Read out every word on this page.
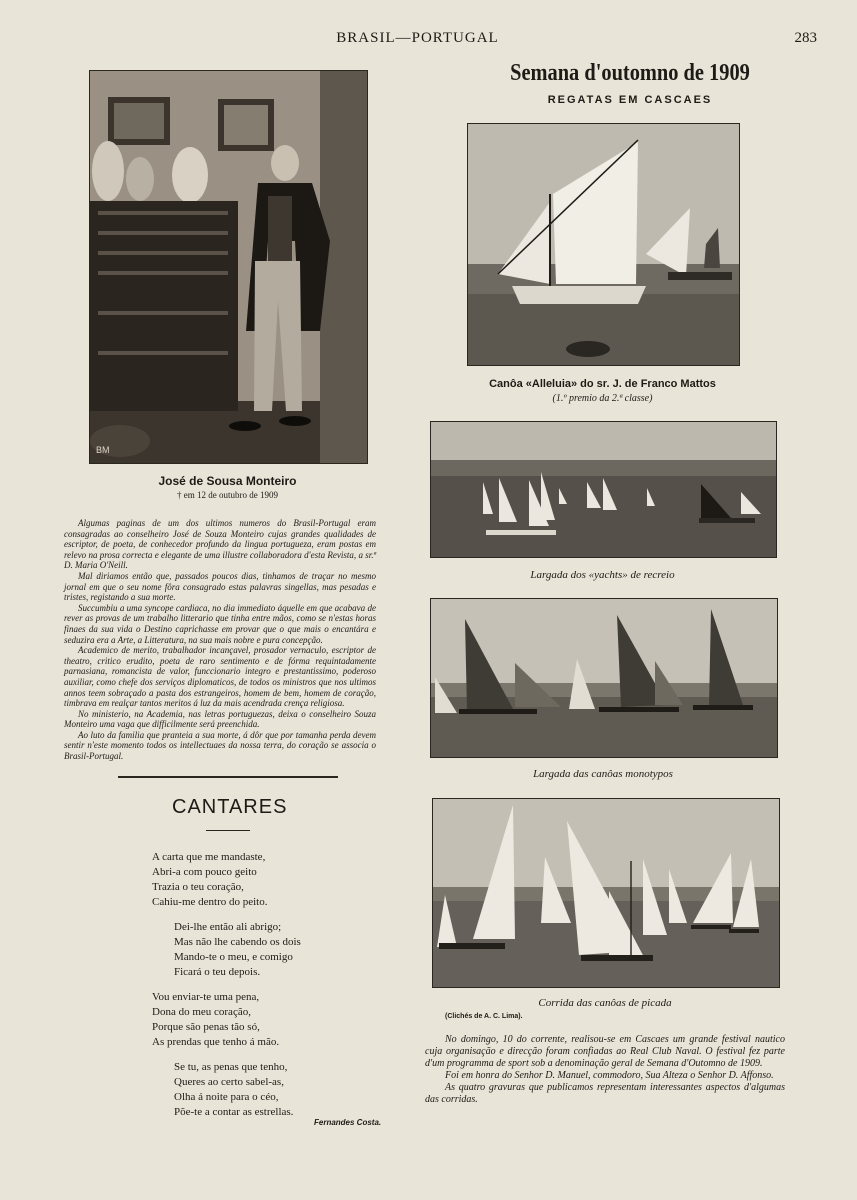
BRASIL—PORTUGAL	283
BM
José de Sousa Monteiro
† em 12 de outubro de 1909

Algumas paginas de um dos ultimos numeros do Brasil-Portugal eram consagradas ao conselheiro José de Souza Monteiro cujas grandes qualidades de escriptor, de poeta, de conhecedor profundo da lingua portugueza, eram postas em relevo na prosa correcta e elegante de uma illustre collaboradora d'esta Revista, a sr.ª D. Maria O'Neill.

Mal diriamos então que, passados poucos dias, tinhamos de traçar no mesmo jornal em que o seu nome fôra consagrado estas palavras singellas, mas pesadas e tristes, registando a sua morte.

Succumbiu a uma syncope cardiaca, no dia immediato áquelle em que acabava de rever as provas de um trabalho litterario que tinha entre mãos, como se n'estas horas finaes da sua vida o Destino caprichasse em provar que o que mais o encantára e seduzira era a Arte, a Litteratura, na sua mais nobre e pura concepção.

Academico de merito, trabalhador incançavel, prosador vernaculo, escriptor de theatro, critico erudito, poeta de raro sentimento e de fórma requintadamente parnasiana, romancista de valor, funccionario integro e prestantissimo, poderoso auxiliar, como chefe dos serviços diplomaticos, de todos os ministros que nos ultimos annos teem sobraçado a pasta dos estrangeiros, homem de bem, homem de coração, timbrava em realçar tantos meritos á luz da mais acendrada crença religiosa.

No ministerio, na Academia, nas letras portuguezas, deixa o conselheiro Souza Monteiro uma vaga que difficilmente será preenchida.

Ao luto da familia que pranteia a sua morte, á dôr que por tamanha perda devem sentir n'este momento todos os intellectuaes da nossa terra, do coração se associa o Brasil-Portugal.

CANTARES
A carta que me mandaste,
Abri-a com pouco geito
Trazia o teu coração,
Cahiu-me dentro do peito.
Dei-lhe então ali abrigo;
Mas não lhe cabendo os dois
Mando-te o meu, e comigo
Ficará o teu depois.
Vou enviar-te uma pena,
Dona do meu coração,
Porque são penas tão só,
As prendas que tenho á mão.
Se tu, as penas que tenho,
Queres ao certo sabel-as,
Olha á noite para o céo,
Põe-te a contar as estrellas.
Fernandes Costa.
Semana d'outomno de 1909
REGATAS EM CASCAES
Canôa «Alleluia» do sr. J. de Franco Mattos
(1.º premio da 2.ª classe)
Largada dos «yachts» de recreio
Largada das canôas monotypos
Corrida das canôas de picada
(Clichés de A. C. Lima).

No domingo, 10 do corrente, realisou-se em Cascaes um grande festival nautico cuja organisação e direcção foram confiadas ao Real Club Naval. O festival fez parte d'um programma de sport sob a denominação geral de Semana d'Outomno de 1909.

Foi em honra do Senhor D. Manuel, commodoro, Sua Alteza o Senhor D. Affonso.

As quatro gravuras que publicamos representam interessantes aspectos d'algumas das corridas.
